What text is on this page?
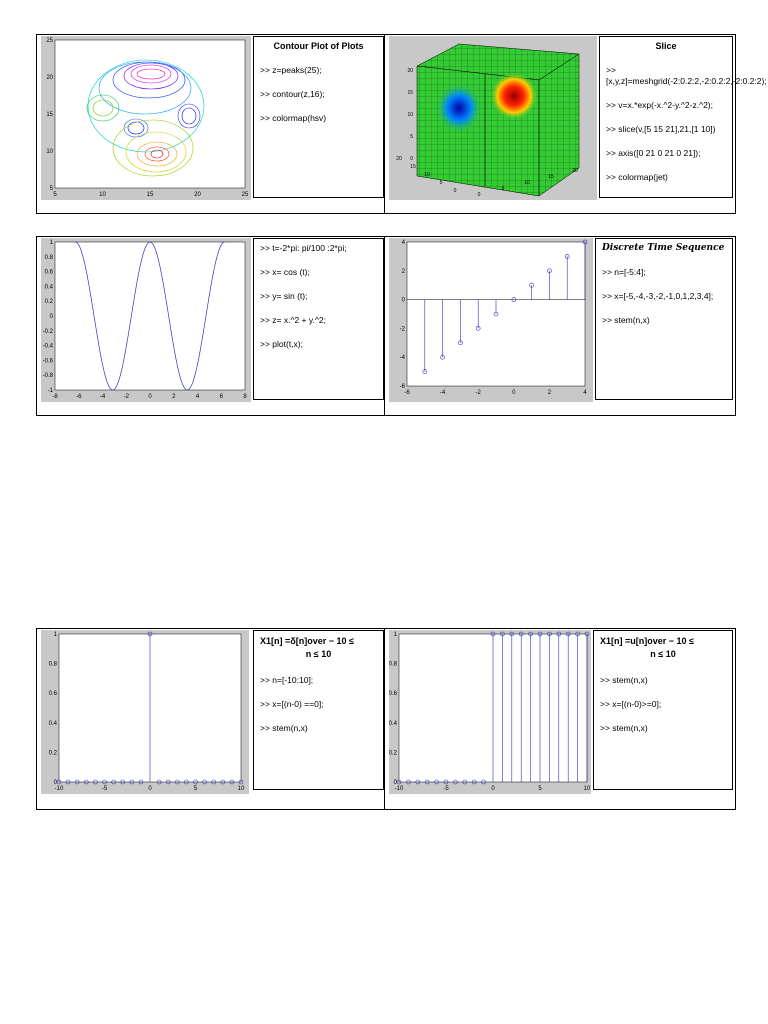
25
20
15
10
5
5	10	15	20	25
Contour Plot of Plots
>> z=peaks(25);
>> contour(z,16);
>> colormap(hsv)
20
15
10
5
0
20
15
10
5
0
0
5
10
15
20
Slice
>> [x,y,z]=meshgrid(-2:0.2:2,-2:0.2:2,-2:0.2:2);
>> v=x.*exp(-x.^2-y.^2-z.^2);
>> slice(v,[5 15 21],21,[1 10])
>> axis([0 21 0 21 0 21]);
>> colormap(jet)
1
0.8
0.6
0.4
0.2
0
-0.2
-0.4
-0.6
-0.8
-1
-8	-6	-4	-2	0	2	4	6	8
>> t=-2*pi: pi/100 :2*pi;
>> x= cos (t);
>> y= sin (t);
>> z= x.^2 + y.^2;
>> plot(t,x);
4
2
0
-2
-4
-6
-6	-4	-2	0	2	4
Discrete Time Sequence
>> n=[-5:4];
>> x=[-5,-4,-3,-2,-1,0,1,2,3,4];
>> stem(n,x)
1
0.8
0.6
0.4
0.2
0
-10	-5	0	5	10
X1[n] =δ[n]over − 10 ≤
n ≤ 10
>> n=[-10:10];
>> x=[(n-0) ==0];
>> stem(n,x)
1
0.8
0.6
0.4
0.2
0
-10	-5	0	5	10
X1[n] =u[n]over − 10 ≤
n ≤ 10
>> stem(n,x)
>> x=[(n-0)>=0];
>> stem(n,x)
